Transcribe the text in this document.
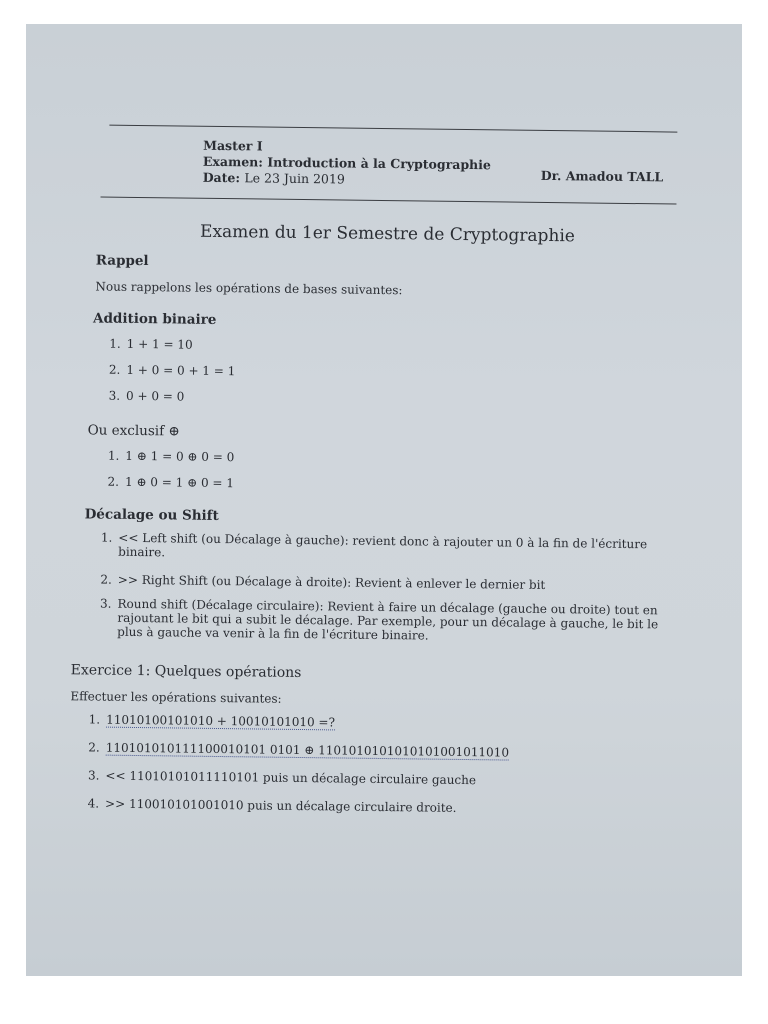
Master I
Examen: Introduction à la Cryptographie
Date: Le 23 Juin 2019	Dr. Amadou TALL
Examen du 1er Semestre de Cryptographie
Rappel
Nous rappelons les opérations de bases suivantes:
Addition binaire
1. 1 + 1 = 10
2. 1 + 0 = 0 + 1 = 1
3. 0 + 0 = 0
Ou exclusif ⊕
1. 1 ⊕ 1 = 0 ⊕ 0 = 0
2. 1 ⊕ 0 = 1 ⊕ 0 = 1
Décalage ou Shift
1. << Left shift (ou Décalage à gauche): revient donc à rajouter un 0 à la fin de l'écriture binaire.
2. >> Right Shift (ou Décalage à droite): Revient à enlever le dernier bit
3. Round shift (Décalage circulaire): Revient à faire un décalage (gauche ou droite) tout en rajoutant le bit qui a subit le décalage. Par exemple, pour un décalage à gauche, le bit le plus à gauche va venir à la fin de l'écriture binaire.
Exercice 1: Quelques opérations
Effectuer les opérations suivantes:
1. 11010100101010 + 10010101010 =?
2. 110101010111100010101 0101 ⊕ 1101010101010101001011010
3. << 11010101011110101 puis un décalage circulaire gauche
4. >> 110010101001010 puis un décalage circulaire droite.
